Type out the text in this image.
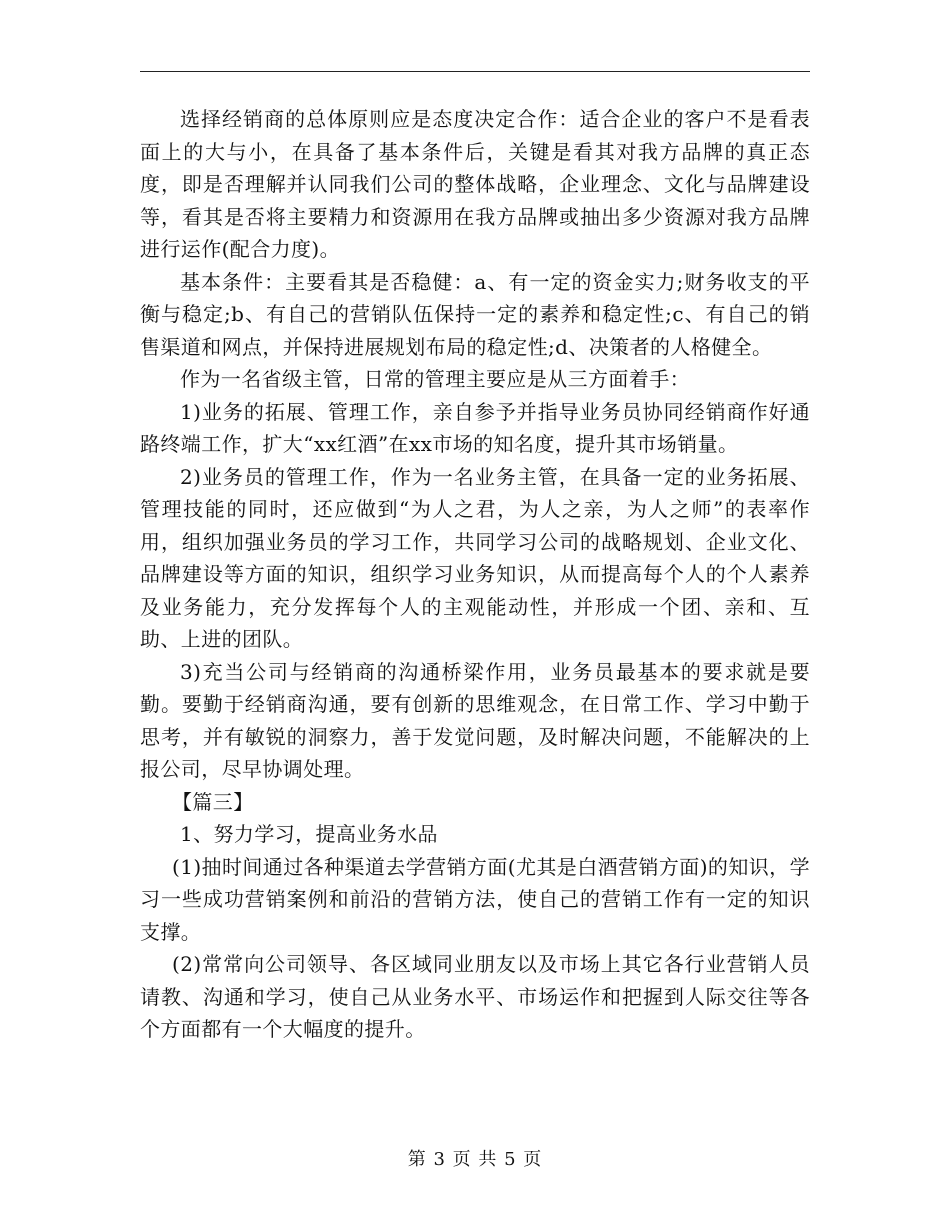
选择经销商的总体原则应是态度决定合作：适合企业的客户不是看表面上的大与小，在具备了基本条件后，关键是看其对我方品牌的真正态度，即是否理解并认同我们公司的整体战略，企业理念、文化与品牌建设等，看其是否将主要精力和资源用在我方品牌或抽出多少资源对我方品牌进行运作(配合力度)。

基本条件：主要看其是否稳健：a、有一定的资金实力;财务收支的平衡与稳定;b、有自己的营销队伍保持一定的素养和稳定性;c、有自己的销售渠道和网点，并保持进展规划布局的稳定性;d、决策者的人格健全。

作为一名省级主管，日常的管理主要应是从三方面着手：

1)业务的拓展、管理工作，亲自参予并指导业务员协同经销商作好通路终端工作，扩大“xx红酒”在xx市场的知名度，提升其市场销量。

2)业务员的管理工作，作为一名业务主管，在具备一定的业务拓展、管理技能的同时，还应做到“为人之君，为人之亲，为人之师”的表率作用，组织加强业务员的学习工作，共同学习公司的战略规划、企业文化、品牌建设等方面的知识，组织学习业务知识，从而提高每个人的个人素养及业务能力，充分发挥每个人的主观能动性，并形成一个团、亲和、互助、上进的团队。

3)充当公司与经销商的沟通桥梁作用，业务员最基本的要求就是要勤。要勤于经销商沟通，要有创新的思维观念，在日常工作、学习中勤于思考，并有敏锐的洞察力，善于发觉问题，及时解决问题，不能解决的上报公司，尽早协调处理。

【篇三】

1、努力学习，提高业务水品

(1)抽时间通过各种渠道去学营销方面(尤其是白酒营销方面)的知识，学习一些成功营销案例和前沿的营销方法，使自己的营销工作有一定的知识支撑。

(2)常常向公司领导、各区域同业朋友以及市场上其它各行业营销人员请教、沟通和学习，使自己从业务水平、市场运作和把握到人际交往等各个方面都有一个大幅度的提升。

第 3 页 共 5 页
